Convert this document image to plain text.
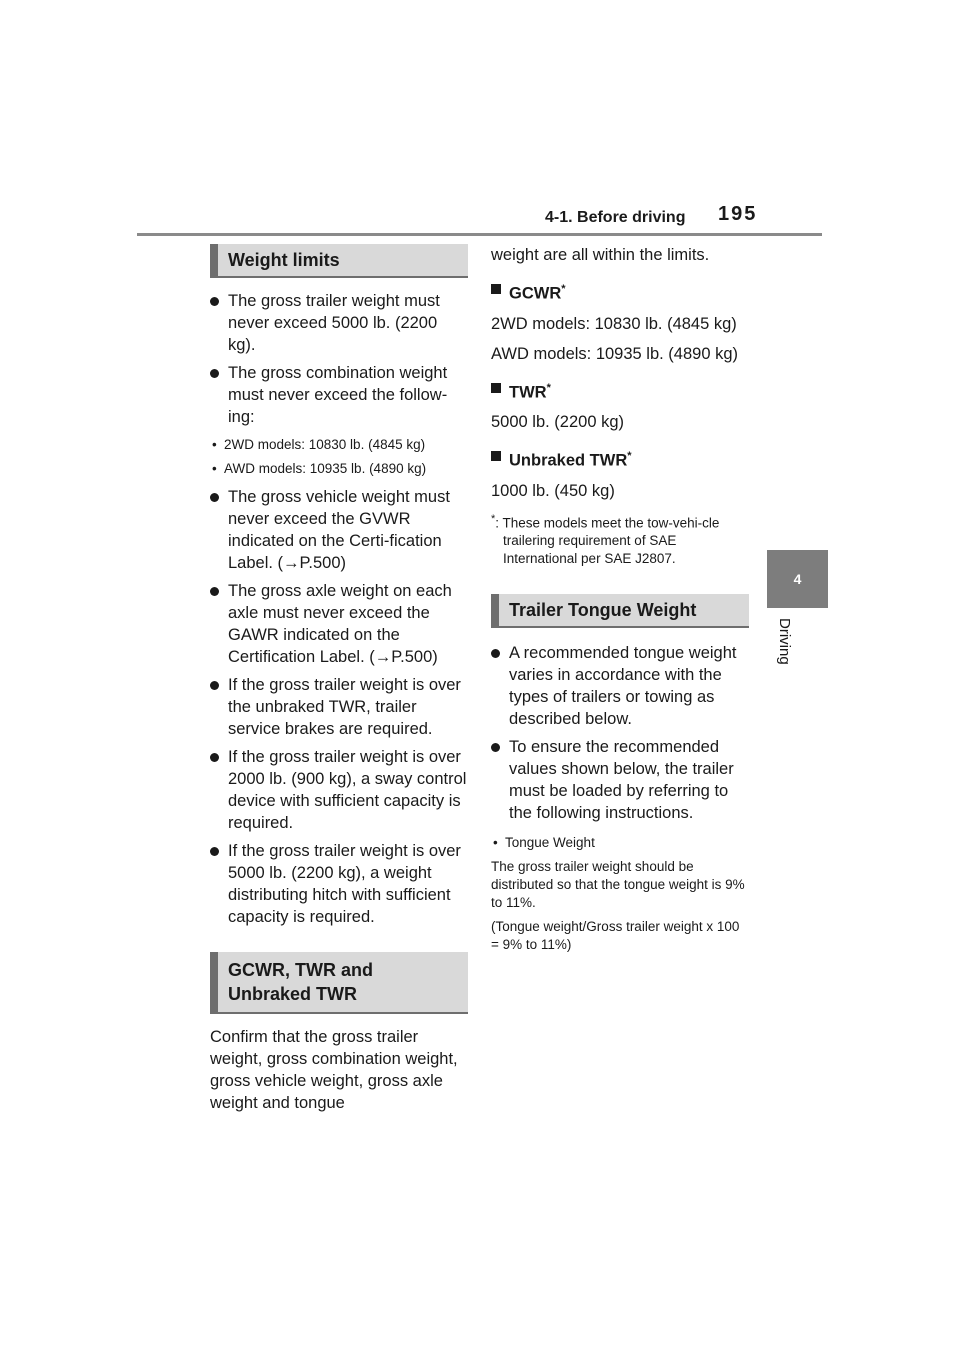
4-1. Before driving 195
4
Driving
Weight limits
The gross trailer weight must never exceed 5000 lb. (2200 kg).
The gross combination weight must never exceed the follow-ing:
• 2WD models: 10830 lb. (4845 kg)
• AWD models: 10935 lb. (4890 kg)
The gross vehicle weight must never exceed the GVWR indicated on the Certi-fication Label. (→P.500)
The gross axle weight on each axle must never exceed the GAWR indicated on the Certification Label. (→P.500)
If the gross trailer weight is over the unbraked TWR, trailer service brakes are required.
If the gross trailer weight is over 2000 lb. (900 kg), a sway control device with sufficient capacity is required.
If the gross trailer weight is over 5000 lb. (2200 kg), a weight distributing hitch with sufficient capacity is required.
GCWR, TWR and Unbraked TWR
Confirm that the gross trailer weight, gross combination weight, gross vehicle weight, gross axle weight and tongue
weight are all within the limits.
GCWR*
2WD models: 10830 lb. (4845 kg)
AWD models: 10935 lb. (4890 kg)
TWR*
5000 lb. (2200 kg)
Unbraked TWR*
1000 lb. (450 kg)
*: These models meet the tow-vehi-cle trailering requirement of SAE International per SAE J2807.
Trailer Tongue Weight
A recommended tongue weight varies in accordance with the types of trailers or towing as described below.
To ensure the recommended values shown below, the trailer must be loaded by referring to the following instructions.
• Tongue Weight
The gross trailer weight should be distributed so that the tongue weight is 9% to 11%.
(Tongue weight/Gross trailer weight x 100 = 9% to 11%)
